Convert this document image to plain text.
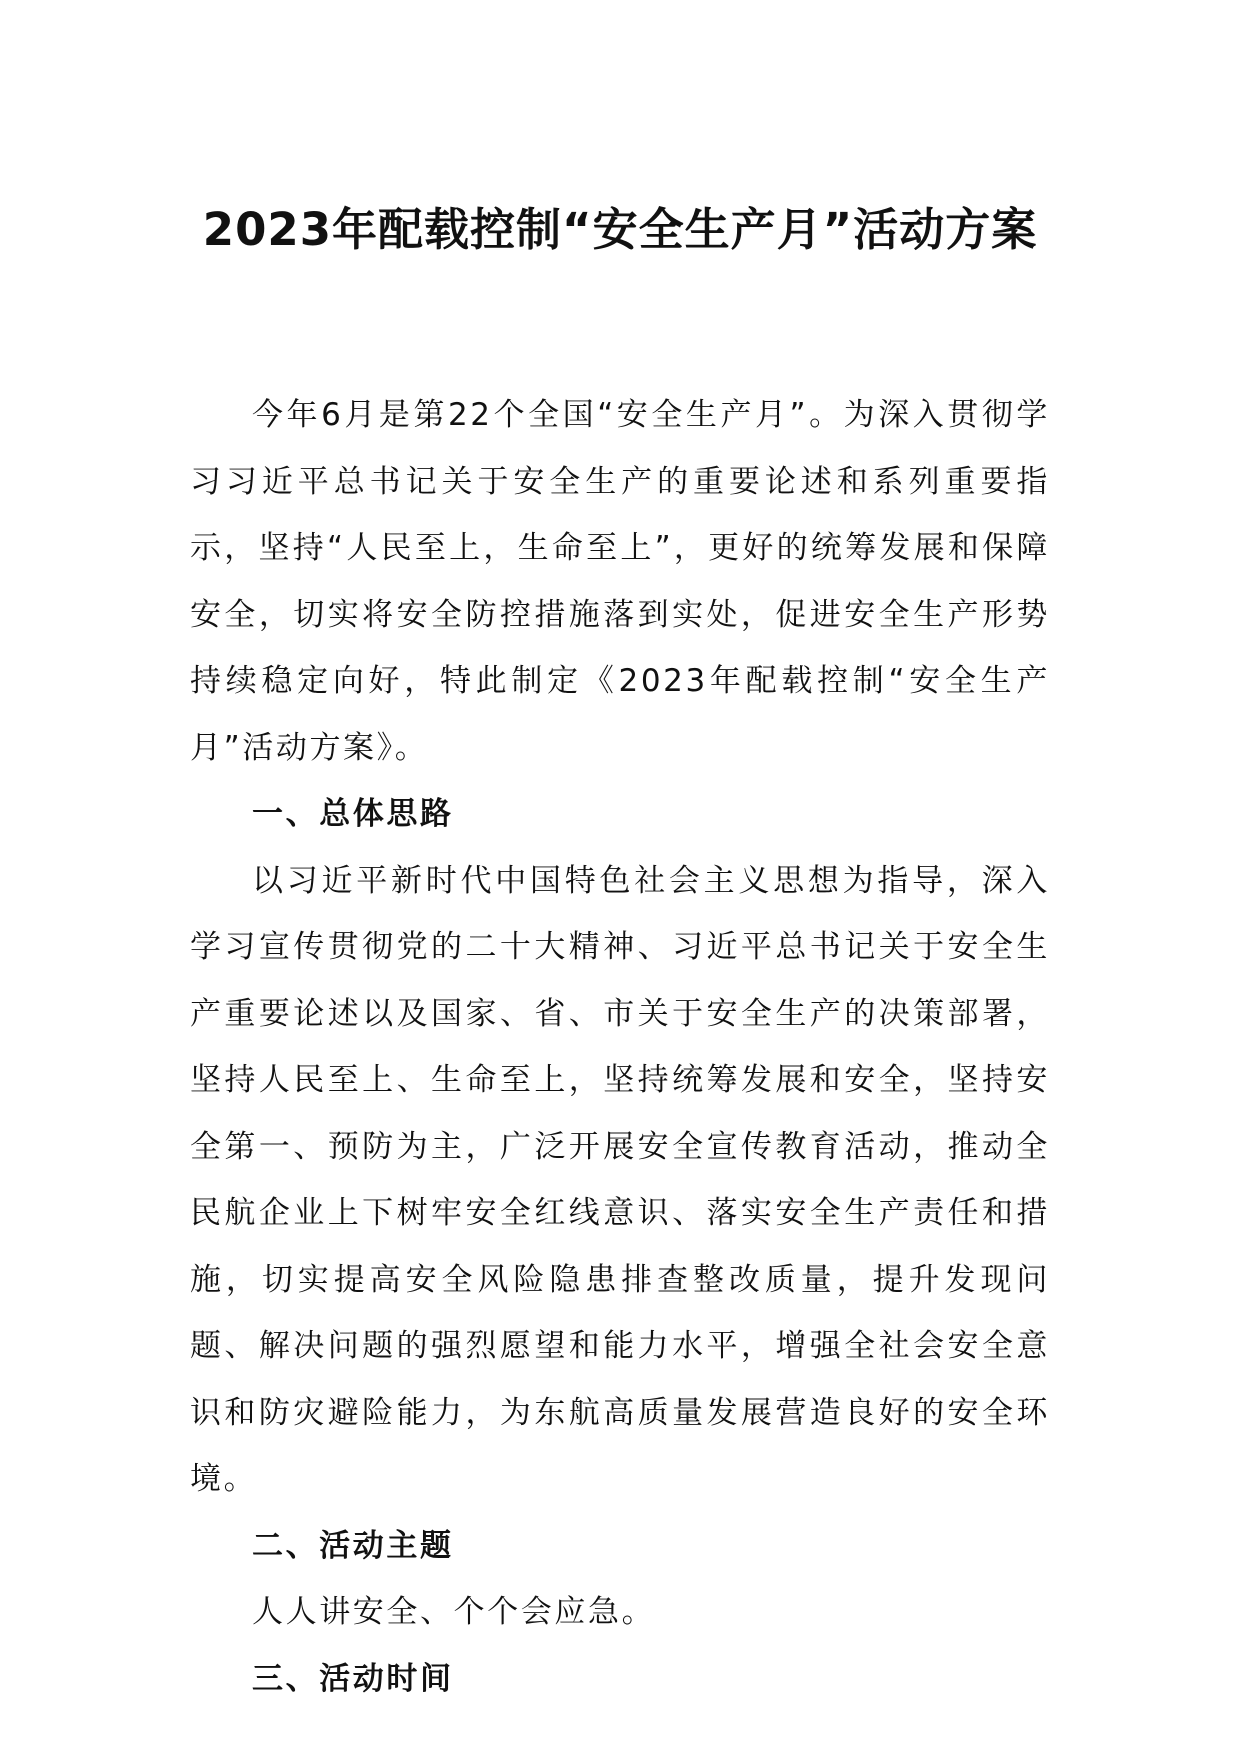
2023年配载控制“安全生产月”活动方案

今年6月是第22个全国“安全生产月”。为深入贯彻学习习近平总书记关于安全生产的重要论述和系列重要指示，坚持“人民至上，生命至上”，更好的统筹发展和保障安全，切实将安全防控措施落到实处，促进安全生产形势持续稳定向好，特此制定《2023年配载控制“安全生产月”活动方案》。

一、总体思路

以习近平新时代中国特色社会主义思想为指导，深入学习宣传贯彻党的二十大精神、习近平总书记关于安全生产重要论述以及国家、省、市关于安全生产的决策部署，坚持人民至上、生命至上，坚持统筹发展和安全，坚持安全第一、预防为主，广泛开展安全宣传教育活动，推动全民航企业上下树牢安全红线意识、落实安全生产责任和措施，切实提高安全风险隐患排查整改质量，提升发现问题、解决问题的强烈愿望和能力水平，增强全社会安全意识和防灾避险能力，为东航高质量发展营造良好的安全环境。

二、活动主题

人人讲安全、个个会应急。

三、活动时间
